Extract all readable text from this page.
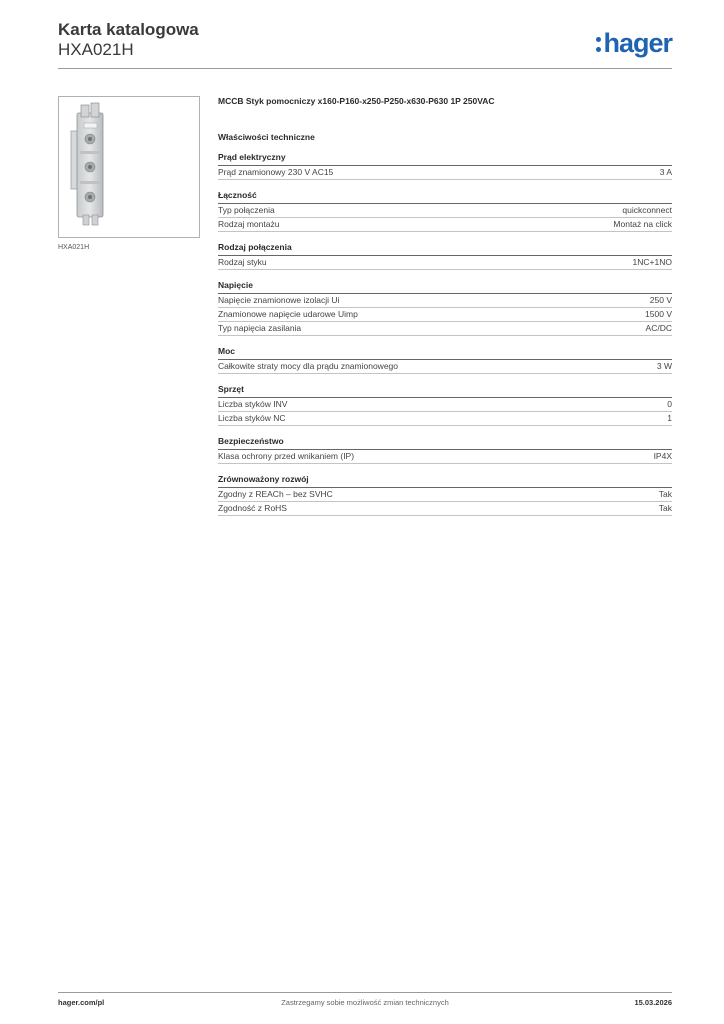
Karta katalogowa
HXA021H	hager
HXA021H
MCCB Styk pomocniczy x160-P160-x250-P250-x630-P630 1P 250VAC
Właściwości techniczne
Prąd elektryczny
Prąd znamionowy 230 V AC15	3 A
Łączność
Typ połączenia	quickconnect
Rodzaj montażu	Montaż na click
Rodzaj połączenia
Rodzaj styku	1NC+1NO
Napięcie
Napięcie znamionowe izolacji Ui	250 V
Znamionowe napięcie udarowe Uimp	1500 V
Typ napięcia zasilania	AC/DC
Moc
Całkowite straty mocy dla prądu znamionowego	3 W
Sprzęt
Liczba styków INV	0
Liczba styków NC	1
Bezpieczeństwo
Klasa ochrony przed wnikaniem (IP)	IP4X
Zrównoważony rozwój
Zgodny z REACh – bez SVHC	Tak
Zgodność z RoHS	Tak
hager.com/pl	Zastrzegamy sobie możliwość zmian technicznych	15.03.2026
